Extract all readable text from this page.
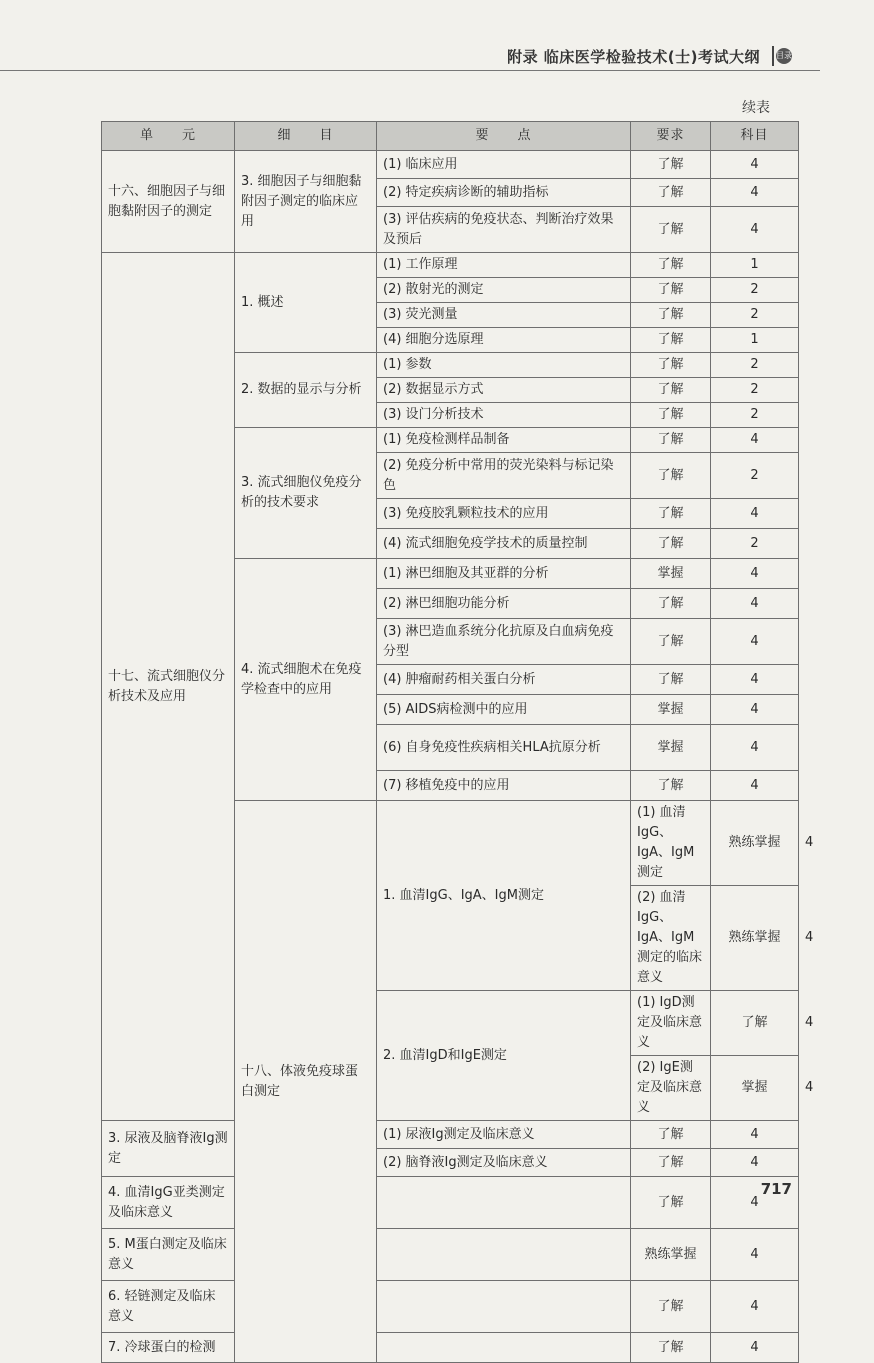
附录 临床医学检验技术(士)考试大纲 目录
续表
单　　元	细　　目	要　　点	要求	科目	
十六、细胞因子与细胞黏附因子的测定	3. 细胞因子与细胞黏附因子测定的临床应用	(1) 临床应用	了解	4	
		(2) 特定疾病诊断的辅助指标	了解	4	
		(3) 评估疾病的免疫状态、判断治疗效果及预后	了解	4	
十七、流式细胞仪分析技术及应用	1. 概述	(1) 工作原理	了解	1	
		(2) 散射光的测定	了解	2	
		(3) 荧光测量	了解	2	
		(4) 细胞分选原理	了解	1	
	2. 数据的显示与分析	(1) 参数	了解	2	
		(2) 数据显示方式	了解	2	
		(3) 设门分析技术	了解	2	
	3. 流式细胞仪免疫分析的技术要求	(1) 免疫检测样品制备	了解	4	
		(2) 免疫分析中常用的荧光染料与标记染色	了解	2	
		(3) 免疫胶乳颗粒技术的应用	了解	4	
		(4) 流式细胞免疫学技术的质量控制	了解	2	
	4. 流式细胞术在免疫学检查中的应用	(1) 淋巴细胞及其亚群的分析	掌握	4	
		(2) 淋巴细胞功能分析	了解	4	
		(3) 淋巴造血系统分化抗原及白血病免疫分型	了解	4	
		(4) 肿瘤耐药相关蛋白分析	了解	4	
		(5) AIDS病检测中的应用	掌握	4	
		(6) 自身免疫性疾病相关HLA抗原分析	掌握	4	
		(7) 移植免疫中的应用	了解	4	
	十八、体液免疫球蛋白测定	1. 血清IgG、IgA、IgM测定	(1) 血清IgG、IgA、IgM测定	熟练掌握	4
			(2) 血清IgG、IgA、IgM测定的临床意义	熟练掌握	4
		2. 血清IgD和IgE测定	(1) IgD测定及临床意义	了解	4
			(2) IgE测定及临床意义	掌握	4
3. 尿液及脑脊液Ig测定		(1) 尿液Ig测定及临床意义	了解	4	
		(2) 脑脊液Ig测定及临床意义	了解	4	
4. 血清IgG亚类测定及临床意义			了解	4	
5. M蛋白测定及临床意义			熟练掌握	4	
6. 轻链测定及临床意义			了解	4	
7. 冷球蛋白的检测			了解	4	
717
